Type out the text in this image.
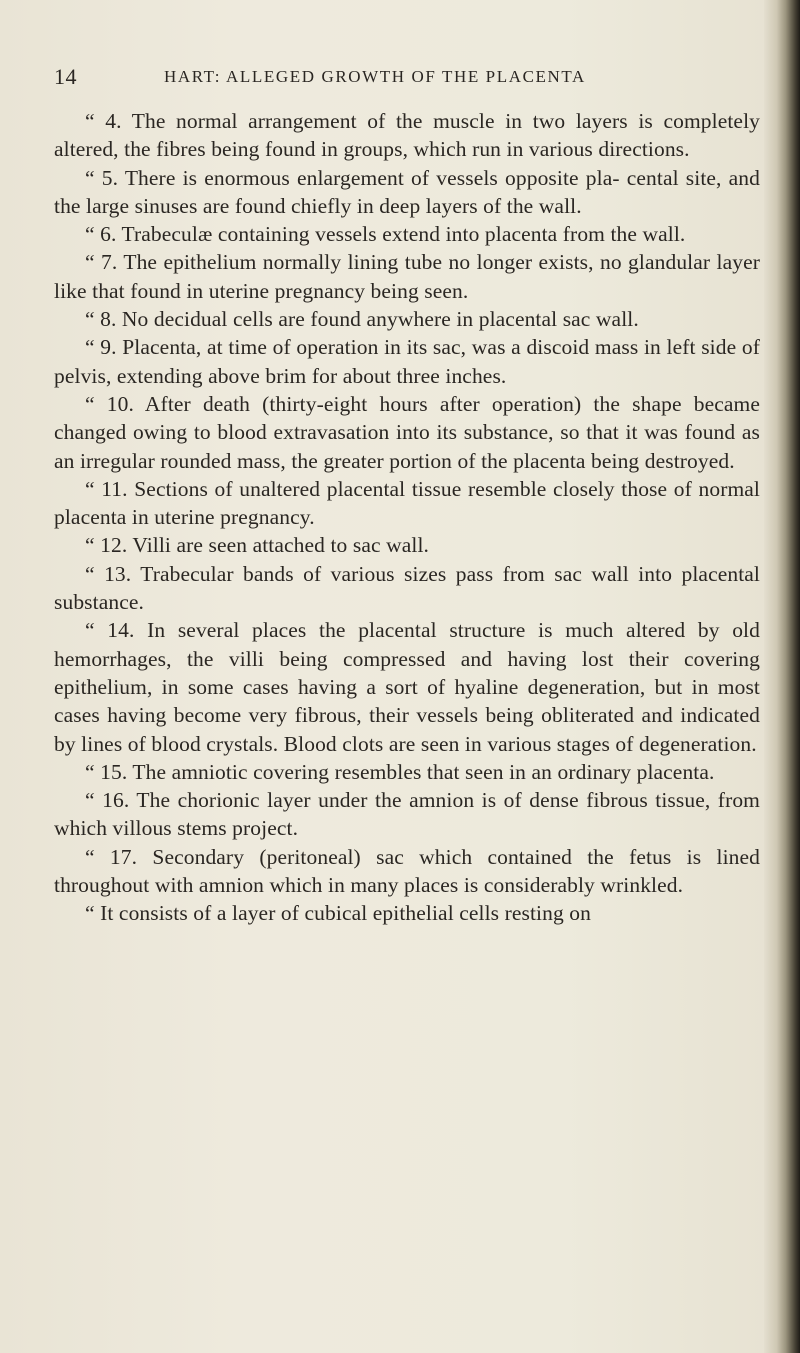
14	HART: ALLEGED GROWTH OF THE PLACENTA

“ 4. The normal arrangement of the muscle in two layers is completely altered, the fibres being found in groups, which run in various directions.

“ 5. There is enormous enlargement of vessels opposite pla- cental site, and the large sinuses are found chiefly in deep layers of the wall.

“ 6. Trabeculæ containing vessels extend into placenta from the wall.

“ 7. The epithelium normally lining tube no longer exists, no glandular layer like that found in uterine pregnancy being seen.

“ 8. No decidual cells are found anywhere in placental sac wall.

“ 9. Placenta, at time of operation in its sac, was a discoid mass in left side of pelvis, extending above brim for about three inches.

“ 10. After death (thirty-eight hours after operation) the shape became changed owing to blood extravasation into its substance, so that it was found as an irregular rounded mass, the greater portion of the placenta being destroyed.

“ 11. Sections of unaltered placental tissue resemble closely those of normal placenta in uterine pregnancy.

“ 12. Villi are seen attached to sac wall.

“ 13. Trabecular bands of various sizes pass from sac wall into placental substance.

“ 14. In several places the placental structure is much altered by old hemorrhages, the villi being compressed and having lost their covering epithelium, in some cases having a sort of hyaline degeneration, but in most cases having become very fibrous, their vessels being obliterated and indicated by lines of blood crystals. Blood clots are seen in various stages of degeneration.

“ 15. The amniotic covering resembles that seen in an ordinary placenta.

“ 16. The chorionic layer under the amnion is of dense fibrous tissue, from which villous stems project.

“ 17. Secondary (peritoneal) sac which contained the fetus is lined throughout with amnion which in many places is considerably wrinkled.

“ It consists of a layer of cubical epithelial cells resting on
